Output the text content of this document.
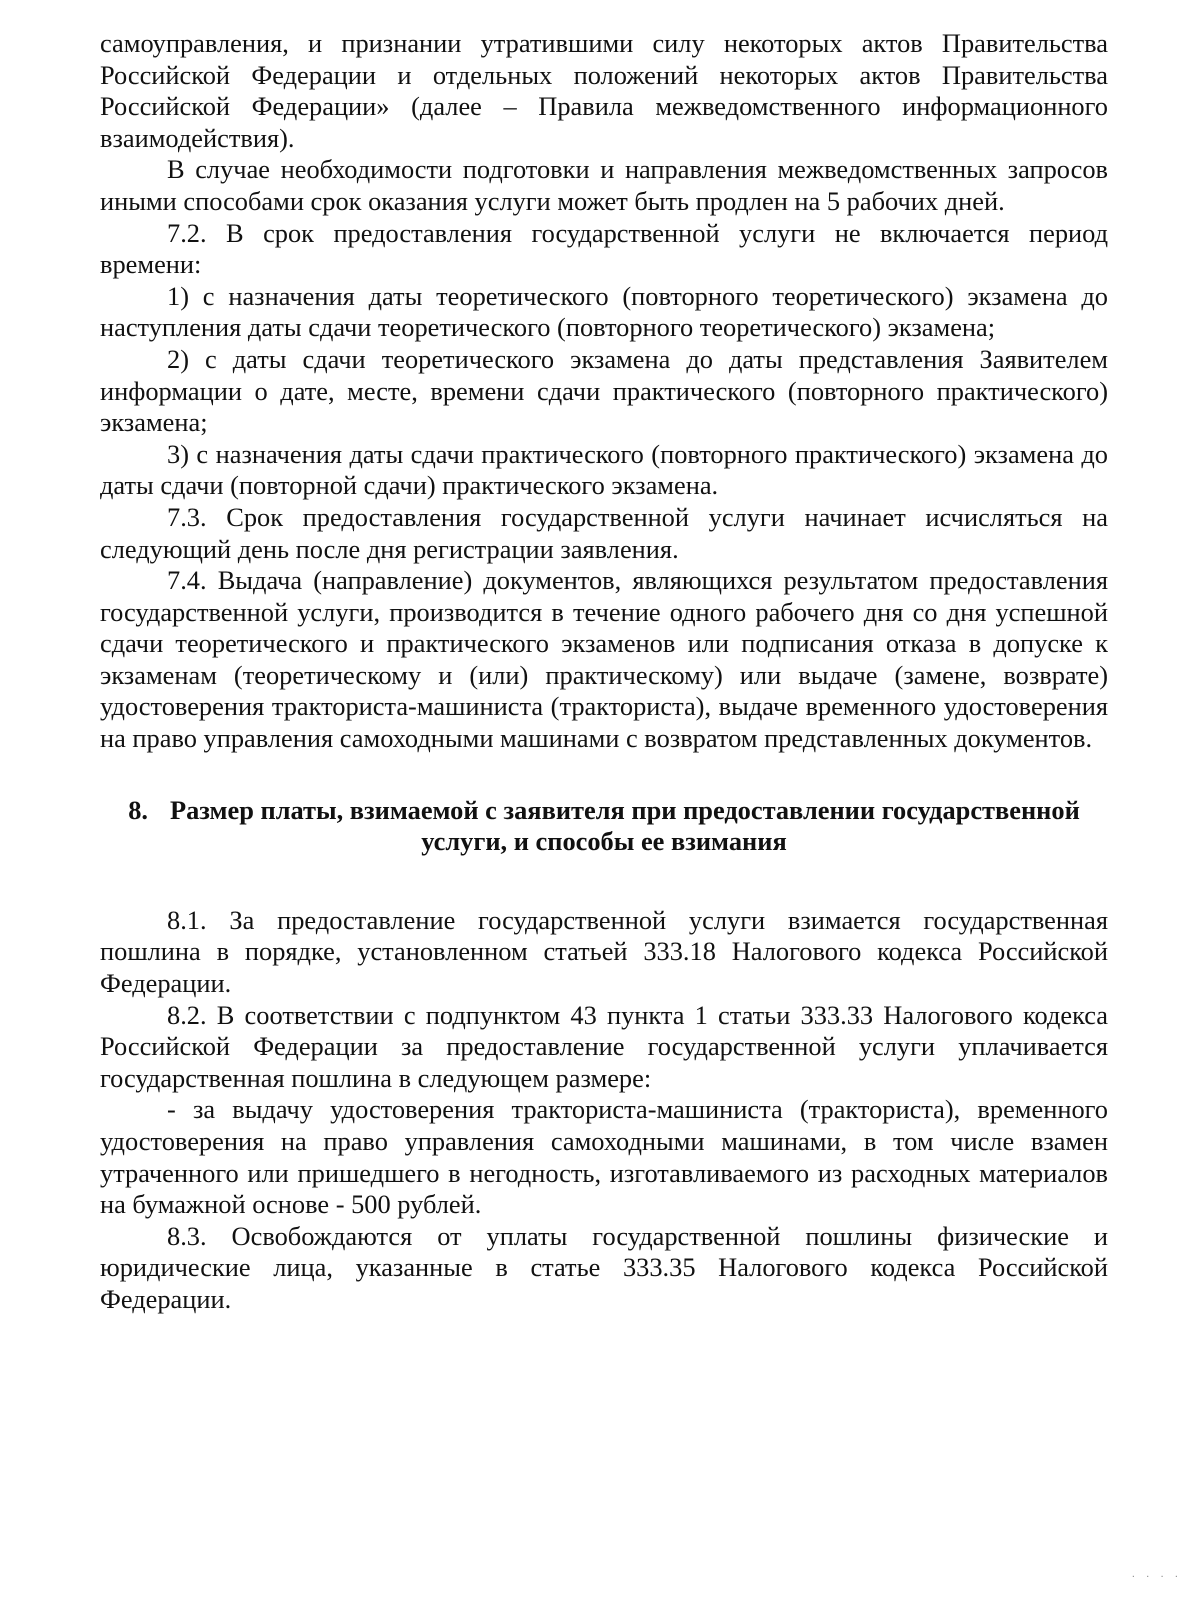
самоуправления, и признании утратившими силу некоторых актов Правительства Российской Федерации и отдельных положений некоторых актов Правительства Российской Федерации» (далее – Правила межведомственного информационного взаимодействия).

В случае необходимости подготовки и направления межведомственных запросов иными способами срок оказания услуги может быть продлен на 5 рабочих дней.

7.2. В срок предоставления государственной услуги не включается период времени:

1) с назначения даты теоретического (повторного теоретического) экзамена до наступления даты сдачи теоретического (повторного теоретического) экзамена;

2) с даты сдачи теоретического экзамена до даты представления Заявителем информации о дате, месте, времени сдачи практического (повторного практического) экзамена;

3) с назначения даты сдачи практического (повторного практического) экзамена до даты сдачи (повторной сдачи) практического экзамена.

7.3. Срок предоставления государственной услуги начинает исчисляться на следующий день после дня регистрации заявления.

7.4. Выдача (направление) документов, являющихся результатом предоставления государственной услуги, производится в течение одного рабочего дня со дня успешной сдачи теоретического и практического экзаменов или подписания отказа в допуске к экзаменам (теоретическому и (или) практическому) или выдаче (замене, возврате) удостоверения тракториста-машиниста (тракториста), выдаче временного удостоверения на право управления самоходными машинами с возвратом представленных документов.

8. Размер платы, взимаемой с заявителя при предоставлении государственной услуги, и способы ее взимания

8.1. За предоставление государственной услуги взимается государственная пошлина в порядке, установленном статьей 333.18 Налогового кодекса Российской Федерации.

8.2. В соответствии с подпунктом 43 пункта 1 статьи 333.33 Налогового кодекса Российской Федерации за предоставление государственной услуги уплачивается государственная пошлина в следующем размере:

- за выдачу удостоверения тракториста-машиниста (тракториста), временного удостоверения на право управления самоходными машинами, в том числе взамен утраченного или пришедшего в негодность, изготавливаемого из расходных материалов на бумажной основе - 500 рублей.

8.3. Освобождаются от уплаты государственной пошлины физические и юридические лица, указанные в статье 333.35 Налогового кодекса Российской Федерации.

· · · ·
